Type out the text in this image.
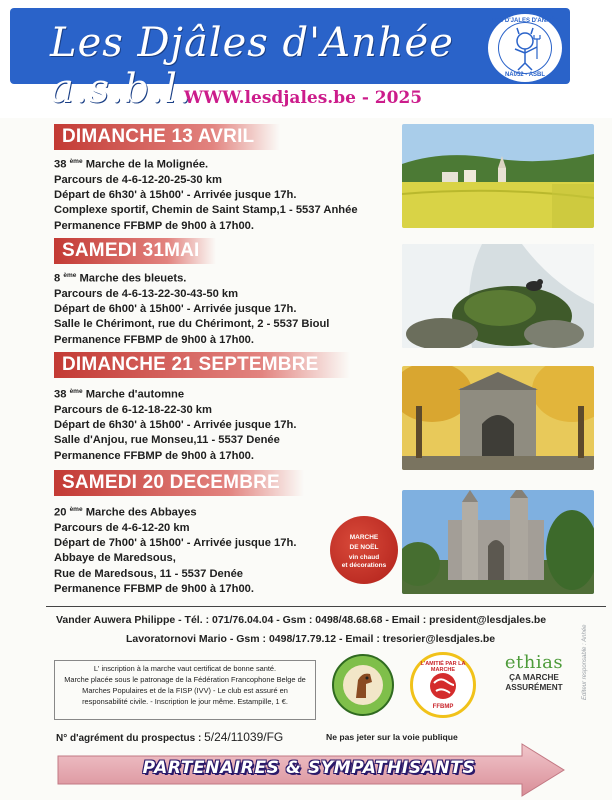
Les Djâles d'Anhée a.s.b.l.
LES D'JALES D'ANHÉE
NA052 - ASBL
WWW.lesdjales.be - 2025
DIMANCHE 13 AVRIL
38 $^{ème}$ Marche de la Molignée.
Parcours de 4-6-12-20-25-30 km
Départ de 6h30' à 15h00' - Arrivée jusque 17h.
Complexe sportif, Chemin de Saint Stamp,1 - 5537 Anhée
Permanence FFBMP de 9h00 à 17h00.
SAMEDI 31MAI
8 $^{ème}$ Marche des bleuets.
Parcours de 4-6-13-22-30-43-50 km
Départ de 6h00' à 15h00' - Arrivée jusque 17h.
Salle le Chérimont, rue du Chérimont, 2 - 5537 Bioul
Permanence FFBMP de 9h00 à 17h00.
DIMANCHE 21 SEPTEMBRE
38 $^{ème}$ Marche d'automne
Parcours de 6-12-18-22-30 km
Départ de 6h30' à 15h00' - Arrivée jusque 17h.
Salle d'Anjou, rue Monseu,11 - 5537 Denée
Permanence FFBMP de 9h00 à 17h00.
SAMEDI 20 DECEMBRE
20 $^{ème}$ Marche des Abbayes
Parcours de 4-6-12-20 km
Départ de 7h00' à 15h00' - Arrivée jusque 17h.
Abbaye de Maredsous,
Rue de Maredsous, 11 - 5537 Denée
Permanence FFBMP de 9h00 à 17h00.
MARCHE
DE NOËL
vin chaud
et décorations
Vander Auwera Philippe - Tél. : 071/76.04.04 - Gsm : 0498/48.68.68 - Email : president@lesdjales.be
Lavoratornovi Mario - Gsm : 0498/17.79.12 - Email : tresorier@lesdjales.be
L' inscription à la marche vaut certificat de bonne santé.
Marche placée sous le patronage de la Fédération Francophone Belge de
Marches Populaires et de la FISP (IVV) - Le club est assuré en
responsabilité civile. - Inscription le jour même. Estampille, 1 €.
L'AMITIÉ PAR LA MARCHE
FFBMP
ethias
ÇA MARCHE
ASSURÉMENT
N° d'agrément du prospectus : 5/24/11039/FG	Ne pas jeter sur la voie publique
PARTENAIRES & SYMPATHISANTS
Editeur responsable : Anhée
